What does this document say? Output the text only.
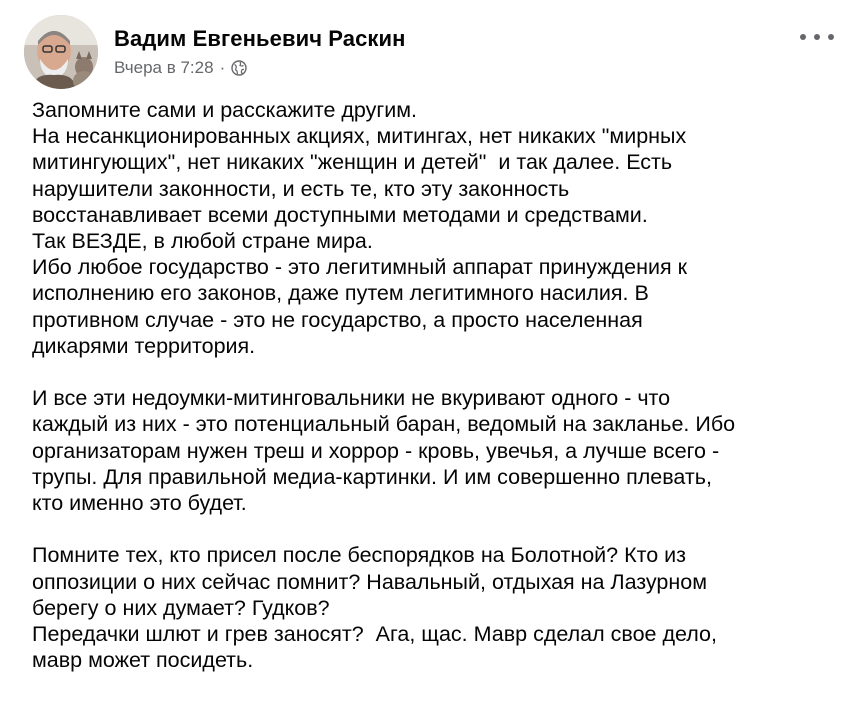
Вадим Евгеньевич Раскин
Вчера в 7:28 ·

Запомните сами и расскажите другим.
На несанкционированных акциях, митингах, нет никаких "мирных
митингующих", нет никаких "женщин и детей"  и так далее. Есть
нарушители законности, и есть те, кто эту законность
восстанавливает всеми доступными методами и средствами.
Так ВЕЗДЕ, в любой стране мира.
Ибо любое государство - это легитимный аппарат принуждения к
исполнению его законов, даже путем легитимного насилия. В
противном случае - это не государство, а просто населенная
дикарями территория.

И все эти недоумки-митинговальники не вкуривают одного - что
каждый из них - это потенциальный баран, ведомый на закланье. Ибо
организаторам нужен треш и хоррор - кровь, увечья, а лучше всего -
трупы. Для правильной медиа-картинки. И им совершенно плевать,
кто именно это будет.

Помните тех, кто присел после беспорядков на Болотной? Кто из
оппозиции о них сейчас помнит? Навальный, отдыхая на Лазурном
берегу о них думает? Гудков?
Передачки шлют и грев заносят?  Ага, щас. Мавр сделал свое дело,
мавр может посидеть.
